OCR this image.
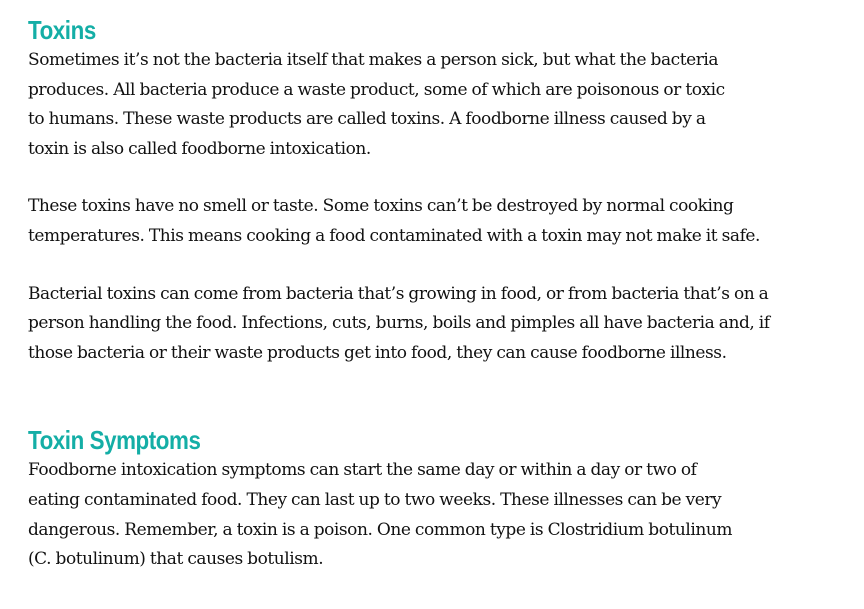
Toxins

Sometimes it’s not the bacteria itself that makes a person sick, but what the bacteria

produces. All bacteria produce a waste product, some of which are poisonous or toxic

to humans. These waste products are called toxins. A foodborne illness caused by a

toxin is also called foodborne intoxication.

These toxins have no smell or taste. Some toxins can’t be destroyed by normal cooking

temperatures. This means cooking a food contaminated with a toxin may not make it safe.

Bacterial toxins can come from bacteria that’s growing in food, or from bacteria that’s on a

person handling the food. Infections, cuts, burns, boils and pimples all have bacteria and, if

those bacteria or their waste products get into food, they can cause foodborne illness.

Toxin Symptoms

Foodborne intoxication symptoms can start the same day or within a day or two of

eating contaminated food. They can last up to two weeks. These illnesses can be very

dangerous. Remember, a toxin is a poison. One common type is Clostridium botulinum

(C. botulinum) that causes botulism.
